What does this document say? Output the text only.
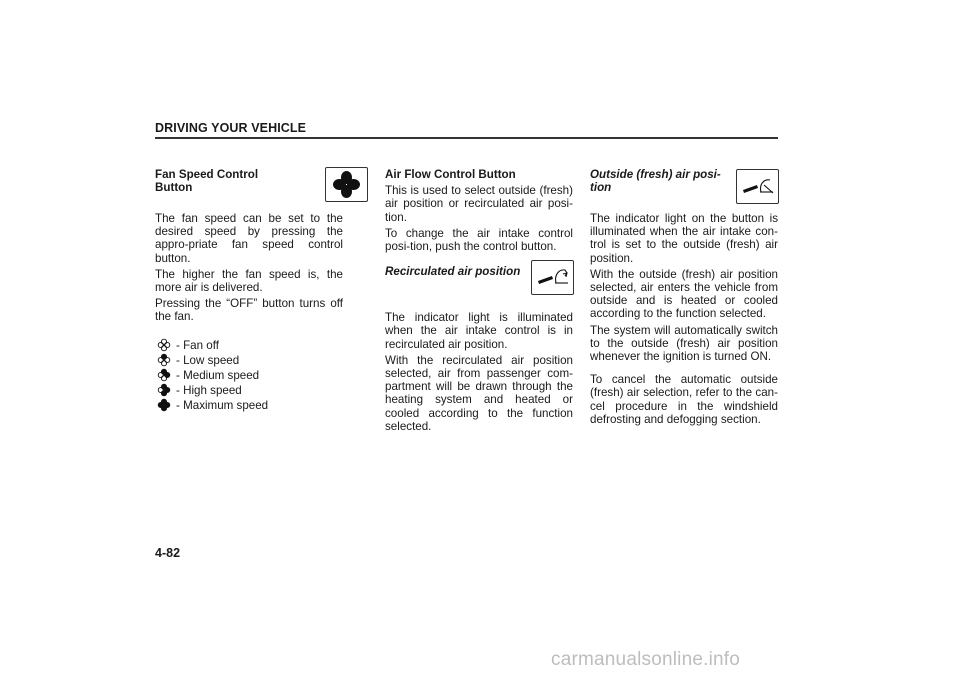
DRIVING YOUR VEHICLE
Fan Speed Control
Button

The fan speed can be set to the desired speed by pressing the appro-priate fan speed control button.

The higher the fan speed is, the more air is delivered.

Pressing the “OFF” button turns off the fan.

- Fan off
- Low speed
- Medium speed
- High speed
- Maximum speed
Air Flow Control Button

This is used to select outside (fresh) air position or recirculated air posi-tion.

To change the air intake control posi-tion, push the control button.

Recirculated air position

The indicator light is illuminated when the air intake control is in recirculated air position.

With the recirculated air position selected, air from passenger com-partment will be drawn through the heating system and heated or cooled according to the function selected.

Outside (fresh) air posi-
tion

The indicator light on the button is illuminated when the air intake con-trol is set to the outside (fresh) air position.

With the outside (fresh) air position selected, air enters the vehicle from outside and is heated or cooled according to the function selected.

The system will automatically switch to the outside (fresh) air position whenever the ignition is turned ON.

To cancel the automatic outside (fresh) air selection, refer to the can-cel procedure in the windshield defrosting and defogging section.

4-82
carmanualsonline.info
